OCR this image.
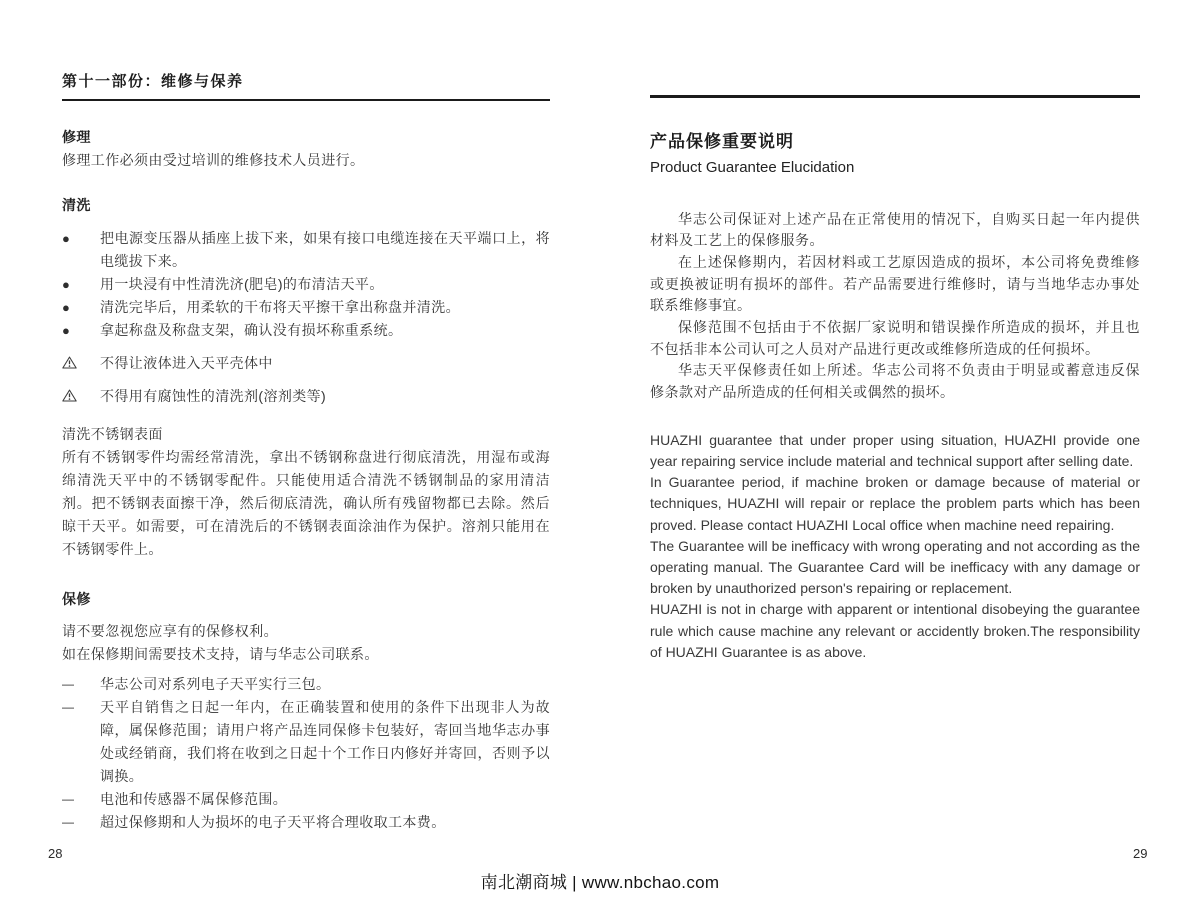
第十一部份：维修与保养
修理

修理工作必须由受过培训的维修技术人员进行。

清洗
●	把电源变压器从插座上拔下来，如果有接口电缆连接在天平端口上，将电缆拔下来。
●	用一块浸有中性清洗济(肥皂)的布清洁天平。
●	清洗完毕后，用柔软的干布将天平擦干拿出称盘并清洗。
●	拿起称盘及称盘支架，确认没有损坏称重系统。
不得让液体进入天平壳体中
不得用有腐蚀性的清洗剂(溶剂类等)

清洗不锈钢表面

所有不锈钢零件均需经常清洗，拿出不锈钢称盘进行彻底清洗，用湿布或海绵清洗天平中的不锈钢零配件。只能使用适合清洗不锈钢制品的家用清洁剂。把不锈钢表面擦干净，然后彻底清洗，确认所有残留物都已去除。然后晾干天平。如需要，可在清洗后的不锈钢表面涂油作为保护。溶剂只能用在不锈钢零件上。

保修

请不要忽视您应享有的保修权利。

如在保修期间需要技术支持，请与华志公司联系。

—	华志公司对系列电子天平实行三包。
—	天平自销售之日起一年内，在正确装置和使用的条件下出现非人为故障，属保修范围；请用户将产品连同保修卡包装好，寄回当地华志办事处或经销商，我们将在收到之日起十个工作日内修好并寄回，否则予以调换。
—	电池和传感器不属保修范围。
—	超过保修期和人为损坏的电子天平将合理收取工本费。
产品保修重要说明
Product Guarantee Elucidation

华志公司保证对上述产品在正常使用的情况下，自购买日起一年内提供材料及工艺上的保修服务。

在上述保修期内，若因材料或工艺原因造成的损坏，本公司将免费维修或更换被证明有损坏的部件。若产品需要进行维修时，请与当地华志办事处联系维修事宜。

保修范围不包括由于不依据厂家说明和错误操作所造成的损坏，并且也不包括非本公司认可之人员对产品进行更改或维修所造成的任何损坏。

华志天平保修责任如上所述。华志公司将不负责由于明显或蓄意违反保修条款对产品所造成的任何相关或偶然的损坏。

HUAZHI guarantee that under proper using situation, HUAZHI provide one year repairing service include material and technical support after selling date.

In Guarantee period, if machine broken or damage because of material or techniques, HUAZHI will repair or replace the problem parts which has been proved. Please contact HUAZHI Local office when machine need repairing.

The Guarantee will be inefficacy with wrong operating and not according as the operating manual. The Guarantee Card will be inefficacy with any damage or broken by unauthorized person's repairing or replacement.

HUAZHI is not in charge with apparent or intentional disobeying the guarantee rule which cause machine any relevant or accidently broken.The responsibility of HUAZHI Guarantee is as above.

28	29
南北潮商城 | www.nbchao.com
